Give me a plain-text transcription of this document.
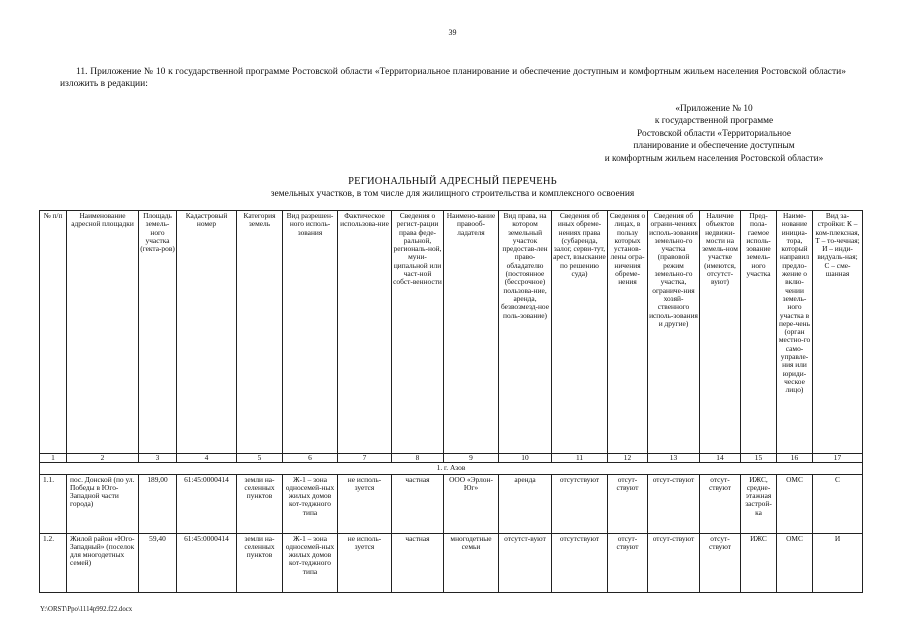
39

11. Приложение № 10 к государственной программе Ростовской области «Территориальное планирование и обеспечение доступным и комфортным жильем населения Ростовской области» изложить в редакции:

«Приложение № 10
к государственной программе
Ростовской области «Территориальное
планирование и обеспечение доступным
и комфортным жильем населения Ростовской области»
РЕГИОНАЛЬНЫЙ АДРЕСНЫЙ ПЕРЕЧЕНЬ
земельных участков, в том числе для жилищного строительства и комплексного освоения
№ п/п	Наименование адресной площадки	Площадь земель-ного участка (гекта-ров)	Кадастровый номер	Категория земель	Вид разрешен-ного исполь-зования	Фактическое использова-ние	Сведения о регист-рации права феде-ральной, региональ-ной, муни-ципальной или част-ной собст-венности	Наимено-вание правооб-ладателя	Вид права, на котором земельный участок предостав-лен право-обладателю (постоянное (бессрочное) пользова-ние, аренда, безвозмезд-ное поль-зование)	Сведения об иных обреме-нениях права (субаренда, залог, серви-тут, арест, взыскание по решению суда)	Сведения о лицах, в пользу которых установ-лены огра-ничения обреме-нения	Сведения об ограни-чениях исполь-зования земельно-го участка (правовой режим земельно-го участка, ограниче-ния хозяй-ственного исполь-зования и другие)	Наличие объектов недвижи-мости на земель-ном участке (имеются, отсутст-вуют)	Пред-пола-гаемое исполь-зование земель-ного участка	Наиме-нование инициа-тора, который направил предло-жение о вклю-чении земель-ного участка в пере-чень (орган местно-го само-управле-ния или юриди-ческое лицо)	Вид за-стройки: К – ком-плексная, Т – то-чечная; И – инди-видуаль-ная; С – сме-шанная
1	2	3	4	5	6	7	8	9	10	11	12	13	14	15	16	17
1. г. Азов																
1.1.	пос. Донской (по ул. Победы в Юго-Западной части города)	189,00	61:45:0000414	земли на-селенных пунктов	Ж-1 – зона одноcемей-ных жилых домов кот-теджного типа	не исполь-зуется	частная	ООО «Эрлон-Юг»	аренда	отсутствуют	отсут-ствуют	отсут-ствуют	отсут-ствуют	ИЖС, средне-этажная застрой-ка	ОМС	С
1.2.	Жилой район «Юго-Западный» (поселок для многодетных семей)	59,40	61:45:0000414	земли на-селенных пунктов	Ж-1 – зона однoсемей-ных жилых домов кот-теджного типа	не исполь-зуется	частная	многодетные семьи	отсутст-вуют	отсутствуют	отсут-ствуют	отсут-ствуют	отсут-ствуют	ИЖС	ОМС	И
Y:\ORST\Ppo\1114p992.f22.docx
